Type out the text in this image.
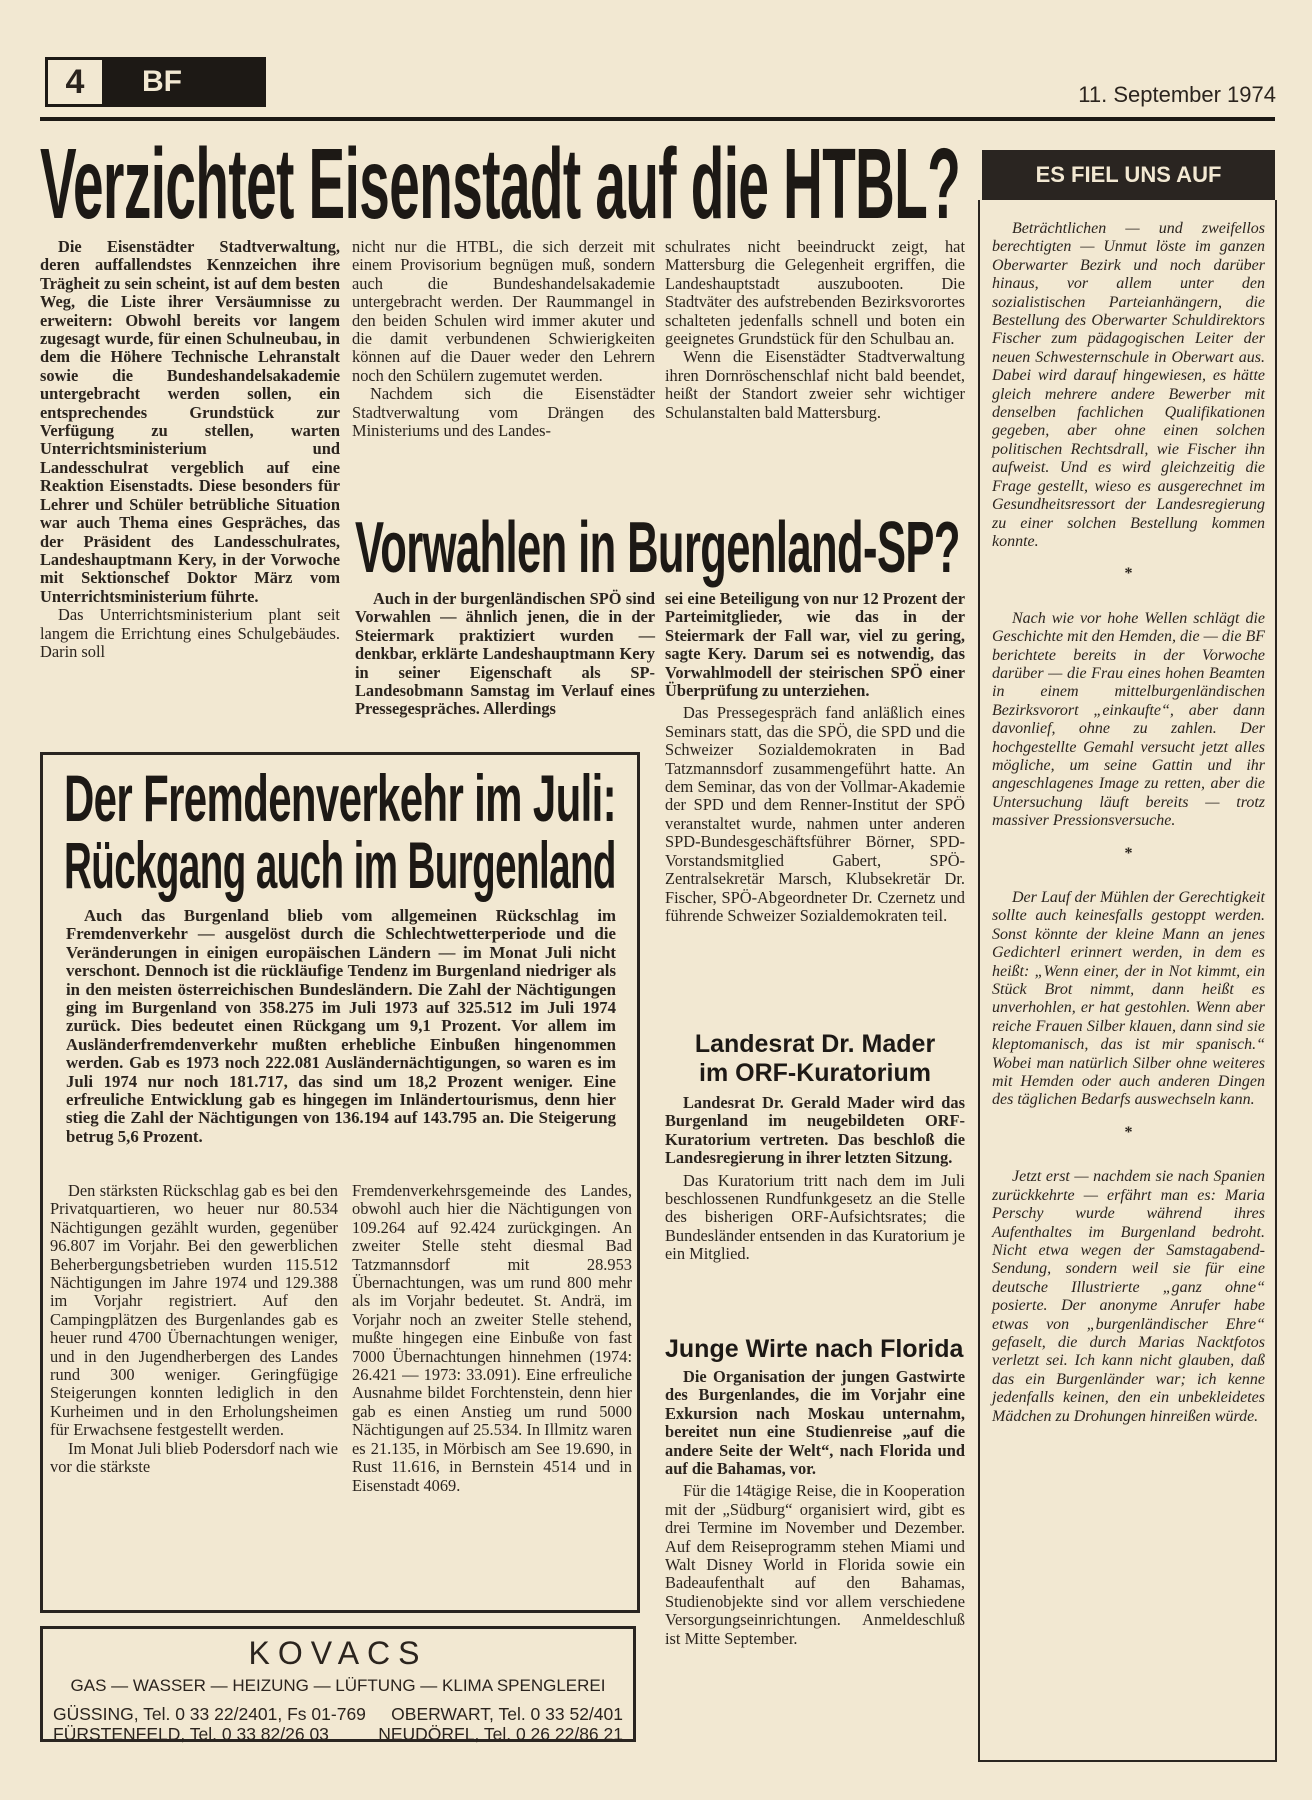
4	BF	11. September 1974
Verzichtet Eisenstadt auf die HTBL?

Die Eisenstädter Stadtverwaltung, deren auffallendstes Kennzeichen ihre Trägheit zu sein scheint, ist auf dem besten Weg, die Liste ihrer Versäumnisse zu erweitern: Obwohl bereits vor langem zugesagt wurde, für einen Schulneubau, in dem die Höhere Technische Lehranstalt sowie die Bundeshandelsakademie untergebracht werden sollen, ein entsprechendes Grundstück zur Verfügung zu stellen, warten Unterrichtsministerium und Landesschulrat vergeblich auf eine Reaktion Eisenstadts. Diese besonders für Lehrer und Schüler betrübliche Situation war auch Thema eines Gespräches, das der Präsident des Landesschulrates, Landeshauptmann Kery, in der Vorwoche mit Sektionschef Doktor März vom Unterrichtsministerium führte.

Das Unterrichtsministerium plant seit langem die Errichtung eines Schulgebäudes. Darin soll

nicht nur die HTBL, die sich derzeit mit einem Provisorium begnügen muß, sondern auch die Bundeshandelsakademie untergebracht werden. Der Raummangel in den beiden Schulen wird immer akuter und die damit verbundenen Schwierigkeiten können auf die Dauer weder den Lehrern noch den Schülern zugemutet werden.

Nachdem sich die Eisenstädter Stadtverwaltung vom Drängen des Ministeriums und des Landes-

schulrates nicht beeindruckt zeigt, hat Mattersburg die Gelegenheit ergriffen, die Landeshauptstadt auszubooten. Die Stadtväter des aufstrebenden Bezirksvorortes schalteten jedenfalls schnell und boten ein geeignetes Grundstück für den Schulbau an.

Wenn die Eisenstädter Stadtverwaltung ihren Dornröschenschlaf nicht bald beendet, heißt der Standort zweier sehr wichtiger Schulanstalten bald Mattersburg.

Vorwahlen in Burgenland-SP?

Auch in der burgenländischen SPÖ sind Vorwahlen — ähnlich jenen, die in der Steiermark praktiziert wurden — denkbar, erklärte Landeshauptmann Kery in seiner Eigenschaft als SP-Landesobmann Samstag im Verlauf eines Pressegespräches. Allerdings

sei eine Beteiligung von nur 12 Prozent der Parteimitglieder, wie das in der Steiermark der Fall war, viel zu gering, sagte Kery. Darum sei es notwendig, das Vorwahlmodell der steirischen SPÖ einer Überprüfung zu unterziehen.

Das Pressegespräch fand anläßlich eines Seminars statt, das die SPÖ, die SPD und die Schweizer Sozialdemokraten in Bad Tatzmannsdorf zusammengeführt hatte. An dem Seminar, das von der Vollmar-Akademie der SPD und dem Renner-Institut der SPÖ veranstaltet wurde, nahmen unter anderen SPD-Bundesgeschäftsführer Börner, SPD-Vorstandsmitglied Gabert, SPÖ-Zentralsekretär Marsch, Klubsekretär Dr. Fischer, SPÖ-Abgeordneter Dr. Czernetz und führende Schweizer Sozialdemokraten teil.

Der Fremdenverkehr im Juli:
Rückgang auch im Burgenland

Auch das Burgenland blieb vom allgemeinen Rückschlag im Fremdenverkehr — ausgelöst durch die Schlechtwetterperiode und die Veränderungen in einigen europäischen Ländern — im Monat Juli nicht verschont. Dennoch ist die rückläufige Tendenz im Burgenland niedriger als in den meisten österreichischen Bundesländern. Die Zahl der Nächtigungen ging im Burgenland von 358.275 im Juli 1973 auf 325.512 im Juli 1974 zurück. Dies bedeutet einen Rückgang um 9,1 Prozent. Vor allem im Ausländerfremdenverkehr mußten erhebliche Einbußen hingenommen werden. Gab es 1973 noch 222.081 Ausländernächtigungen, so waren es im Juli 1974 nur noch 181.717, das sind um 18,2 Prozent weniger. Eine erfreuliche Entwicklung gab es hingegen im Inländertourismus, denn hier stieg die Zahl der Nächtigungen von 136.194 auf 143.795 an. Die Steigerung betrug 5,6 Prozent.

Den stärksten Rückschlag gab es bei den Privatquartieren, wo heuer nur 80.534 Nächtigungen gezählt wurden, gegenüber 96.807 im Vorjahr. Bei den gewerblichen Beherbergungsbetrieben wurden 115.512 Nächtigungen im Jahre 1974 und 129.388 im Vorjahr registriert. Auf den Campingplätzen des Burgenlandes gab es heuer rund 4700 Übernachtungen weniger, und in den Jugendherbergen des Landes rund 300 weniger. Geringfügige Steigerungen konnten lediglich in den Kurheimen und in den Erholungsheimen für Erwachsene festgestellt werden.

Im Monat Juli blieb Podersdorf nach wie vor die stärkste

Fremdenverkehrsgemeinde des Landes, obwohl auch hier die Nächtigungen von 109.264 auf 92.424 zurückgingen. An zweiter Stelle steht diesmal Bad Tatzmannsdorf mit 28.953 Übernachtungen, was um rund 800 mehr als im Vorjahr bedeutet. St. Andrä, im Vorjahr noch an zweiter Stelle stehend, mußte hingegen eine Einbuße von fast 7000 Übernachtungen hinnehmen (1974: 26.421 — 1973: 33.091). Eine erfreuliche Ausnahme bildet Forchtenstein, denn hier gab es einen Anstieg um rund 5000 Nächtigungen auf 25.534. In Illmitz waren es 21.135, in Mörbisch am See 19.690, in Rust 11.616, in Bernstein 4514 und in Eisenstadt 4069.

Landesrat Dr. Mader
im ORF-Kuratorium

Landesrat Dr. Gerald Mader wird das Burgenland im neugebildeten ORF-Kuratorium vertreten. Das beschloß die Landesregierung in ihrer letzten Sitzung.

Das Kuratorium tritt nach dem im Juli beschlossenen Rundfunkgesetz an die Stelle des bisherigen ORF-Aufsichtsrates; die Bundesländer entsenden in das Kuratorium je ein Mitglied.

Junge Wirte nach Florida

Die Organisation der jungen Gastwirte des Burgenlandes, die im Vorjahr eine Exkursion nach Moskau unternahm, bereitet nun eine Studienreise „auf die andere Seite der Welt“, nach Florida und auf die Bahamas, vor.

Für die 14tägige Reise, die in Kooperation mit der „Südburg“ organisiert wird, gibt es drei Termine im November und Dezember. Auf dem Reiseprogramm stehen Miami und Walt Disney World in Florida sowie ein Badeaufenthalt auf den Bahamas, Studienobjekte sind vor allem verschiedene Versorgungseinrichtungen. Anmeldeschluß ist Mitte September.

ES FIEL UNS AUF

Beträchtlichen — und zweifellos berechtigten — Unmut löste im ganzen Oberwarter Bezirk und noch darüber hinaus, vor allem unter den sozialistischen Parteianhängern, die Bestellung des Oberwarter Schuldirektors Fischer zum pädagogischen Leiter der neuen Schwesternschule in Oberwart aus. Dabei wird darauf hingewiesen, es hätte gleich mehrere andere Bewerber mit denselben fachlichen Qualifikationen gegeben, aber ohne einen solchen politischen Rechtsdrall, wie Fischer ihn aufweist. Und es wird gleichzeitig die Frage gestellt, wieso es ausgerechnet im Gesundheitsressort der Landesregierung zu einer solchen Bestellung kommen konnte.

*

Nach wie vor hohe Wellen schlägt die Geschichte mit den Hemden, die — die BF berichtete bereits in der Vorwoche darüber — die Frau eines hohen Beamten in einem mittelburgenländischen Bezirksvorort „einkaufte“, aber dann davonlief, ohne zu zahlen. Der hochgestellte Gemahl versucht jetzt alles mögliche, um seine Gattin und ihr angeschlagenes Image zu retten, aber die Untersuchung läuft bereits — trotz massiver Pressionsversuche.

*

Der Lauf der Mühlen der Gerechtigkeit sollte auch keinesfalls gestoppt werden. Sonst könnte der kleine Mann an jenes Gedichterl erinnert werden, in dem es heißt: „Wenn einer, der in Not kimmt, ein Stück Brot nimmt, dann heißt es unverhohlen, er hat gestohlen. Wenn aber reiche Frauen Silber klauen, dann sind sie kleptomanisch, das ist mir spanisch.“ Wobei man natürlich Silber ohne weiteres mit Hemden oder auch anderen Dingen des täglichen Bedarfs auswechseln kann.

*

Jetzt erst — nachdem sie nach Spanien zurückkehrte — erfährt man es: Maria Perschy wurde während ihres Aufenthaltes im Burgenland bedroht. Nicht etwa wegen der Samstagabend-Sendung, sondern weil sie für eine deutsche Illustrierte „ganz ohne“ posierte. Der anonyme Anrufer habe etwas von „burgenländischer Ehre“ gefaselt, die durch Marias Nacktfotos verletzt sei. Ich kann nicht glauben, daß das ein Burgenländer war; ich kenne jedenfalls keinen, den ein unbekleidetes Mädchen zu Drohungen hinreißen würde.

KOVACS
GAS — WASSER — HEIZUNG — LÜFTUNG — KLIMA SPENGLEREI
GÜSSING, Tel. 0 33 22/2401, Fs 01-769 OBERWART, Tel. 0 33 52/401
FÜRSTENFELD, Tel. 0 33 82/26 03	NEUDÖRFL, Tel. 0 26 22/86 21
